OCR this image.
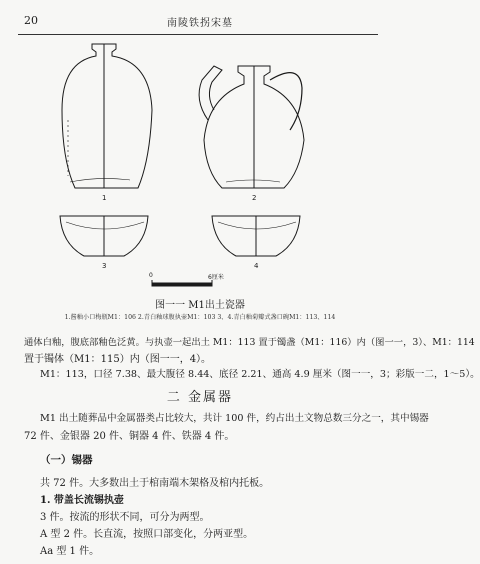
20	南陵铁拐宋墓
1	2
3	4
0	6厘米
图一一 M1出土瓷器
1.酱釉小口梅瓶M1：106 2.青白釉球腹执壶M1：103 3、4.青白釉菊瓣式盏口碗M1：113、114
通体白釉，腹底部釉色泛黄。与执壶一起出土 M1：113 置于镯盏（M1：116）内（图一一，3）、M1：114
置于镯体（M1：115）内（图一一，4）。
M1：113，口径 7.38、最大腹径 8.44、底径 2.21、通高 4.9 厘米（图一一，3；彩版一二，1～5）。
二 金属器
M1 出土随葬品中金属器类占比较大，共计 100 件，约占出土文物总数三分之一，其中锡器
72 件、金银器 20 件、铜器 4 件、铁器 4 件。
（一）锡器
共 72 件。大多数出土于棺南端木架格及棺内托板。
1. 带盖长流锡执壶
3 件。按流的形状不同，可分为两型。
A 型 2 件。长直流，按照口部变化，分两亚型。
Aa 型 1 件。
